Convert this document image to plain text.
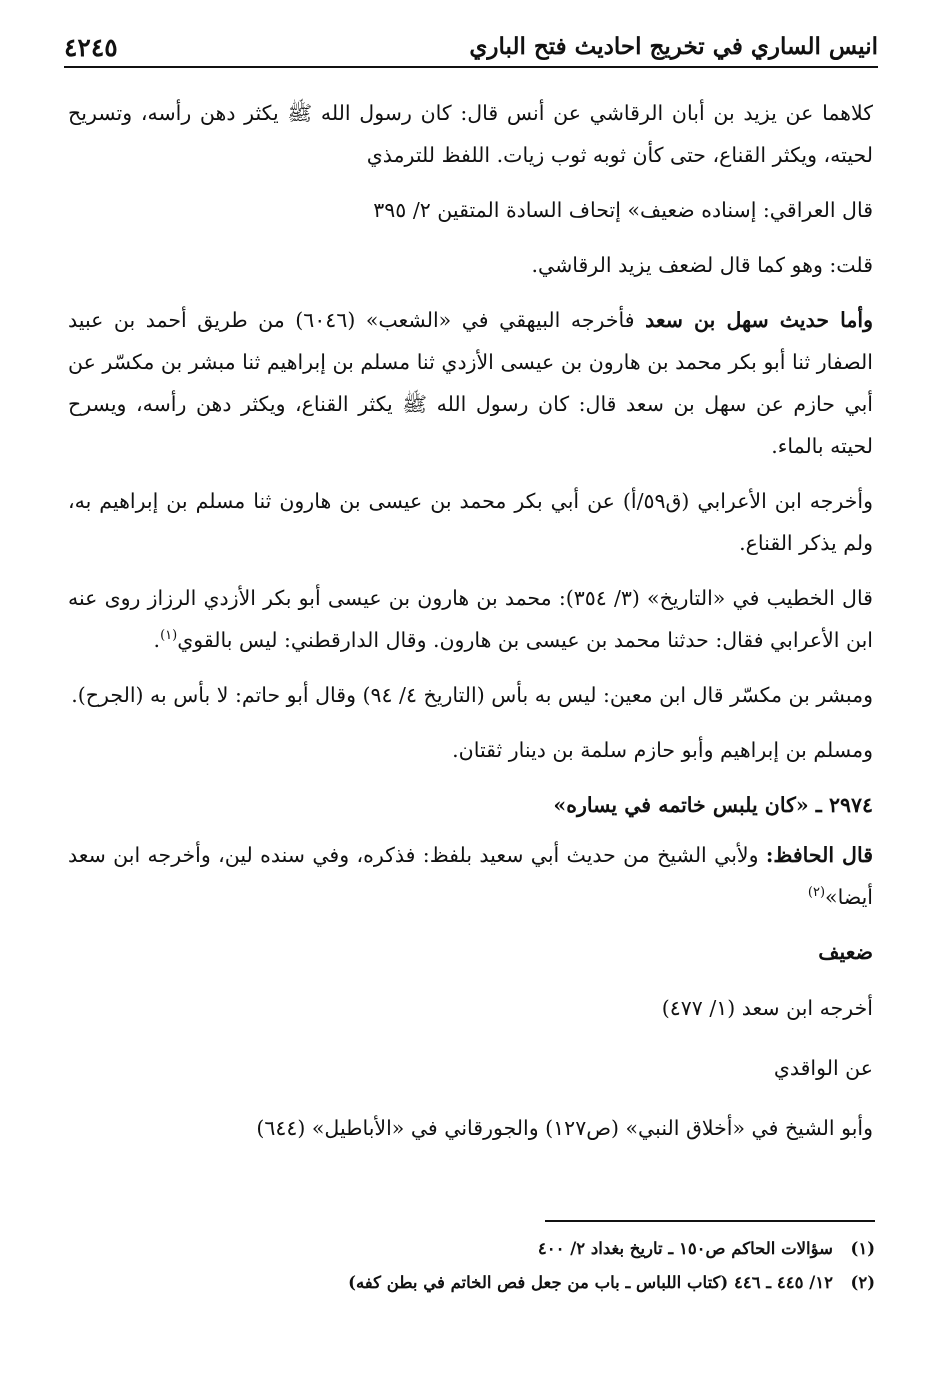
انيس الساري في تخريج احاديث فتح الباري
٤٢٤٥

كلاهما عن يزيد بن أبان الرقاشي عن أنس قال: كان رسول الله ﷺ يكثر دهن رأسه، وتسريح لحيته، ويكثر القناع، حتى كأن ثوبه ثوب زيات. اللفظ للترمذي

قال العراقي: إسناده ضعيف» إتحاف السادة المتقين ٢/ ٣٩٥

قلت: وهو كما قال لضعف يزيد الرقاشي.

وأما حديث سهل بن سعد فأخرجه البيهقي في «الشعب» (٦٠٤٦) من طريق أحمد بن عبيد الصفار ثنا أبو بكر محمد بن هارون بن عيسى الأزدي ثنا مسلم بن إبراهيم ثنا مبشر بن مكسّر عن أبي حازم عن سهل بن سعد قال: كان رسول الله ﷺ يكثر القناع، ويكثر دهن رأسه، ويسرح لحيته بالماء.

وأخرجه ابن الأعرابي (ق٥٩/أ) عن أبي بكر محمد بن عيسى بن هارون ثنا مسلم بن إبراهيم به، ولم يذكر القناع.

قال الخطيب في «التاريخ» (٣/ ٣٥٤): محمد بن هارون بن عيسى أبو بكر الأزدي الرزاز روى عنه ابن الأعرابي فقال: حدثنا محمد بن عيسى بن هارون. وقال الدارقطني: ليس بالقوي$^{(١)}$.

ومبشر بن مكسّر قال ابن معين: ليس به بأس (التاريخ ٤/ ٩٤) وقال أبو حاتم: لا بأس به (الجرح).

ومسلم بن إبراهيم وأبو حازم سلمة بن دينار ثقتان.

٢٩٧٤ ـ «كان يلبس خاتمه في يساره»

قال الحافظ: ولأبي الشيخ من حديث أبي سعيد بلفظ: فذكره، وفي سنده لين، وأخرجه ابن سعد أيضا»$^{(٢)}$

ضعيف

أخرجه ابن سعد (١/ ٤٧٧)

عن الواقدي

وأبو الشيخ في «أخلاق النبي» (ص١٢٧) والجورقاني في «الأباطيل» (٦٤٤)

(١)
سؤالات الحاكم ص١٥٠ ـ تاريخ بغداد ٢/ ٤٠٠
(٢)
١٢/ ٤٤٥ ـ ٤٤٦ (كتاب اللباس ـ باب من جعل فص الخاتم في بطن كفه)
